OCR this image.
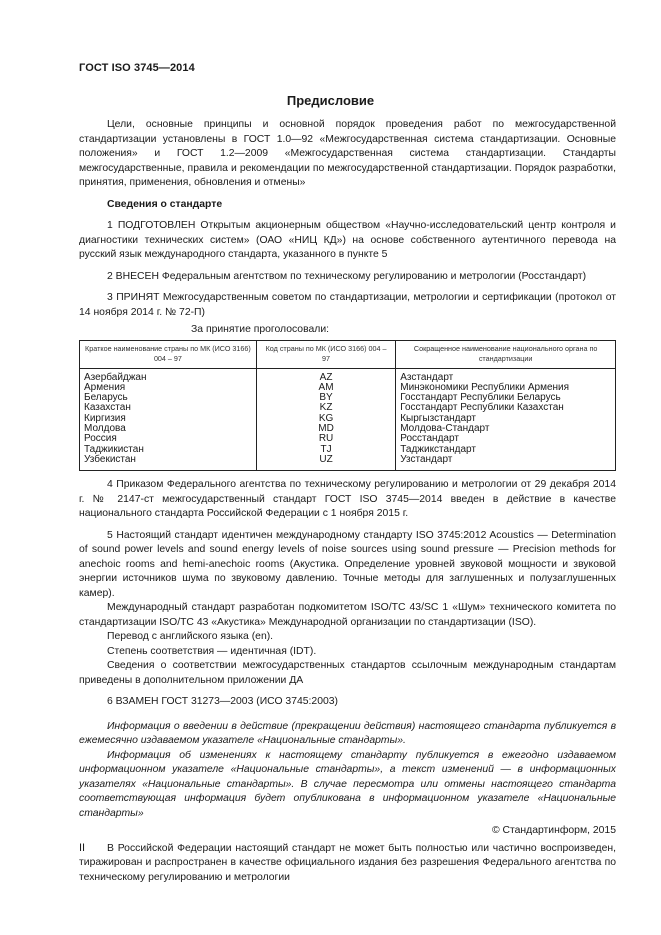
ГОСТ ISO 3745—2014
Предисловие

Цели, основные принципы и основной порядок проведения работ по межгосударственной стандартизации установлены в ГОСТ 1.0—92 «Межгосударственная система стандартизации. Основные положения» и ГОСТ 1.2—2009 «Межгосударственная система стандартизации. Стандарты межгосударственные, правила и рекомендации по межгосударственной стандартизации. Порядок разработки, принятия, применения, обновления и отмены»

Сведения о стандарте

1 ПОДГОТОВЛЕН Открытым акционерным обществом «Научно-исследовательский центр контроля и диагностики технических систем» (ОАО «НИЦ КД») на основе собственного аутентичного перевода на русский язык международного стандарта, указанного в пункте 5

2 ВНЕСЕН Федеральным агентством по техническому регулированию и метрологии (Росстандарт)

3 ПРИНЯТ Межгосударственным советом по стандартизации, метрологии и сертификации (протокол от 14 ноября 2014 г. № 72-П)

За принятие проголосовали:

Краткое наименование страны по МК (ИСО 3166) 004 – 97	Код страны по МК (ИСО 3166) 004 – 97	Сокращенное наименование национального органа по стандартизации
Азербайджан	AZ	Азстандарт
Армения	AM	Минэкономики Республики Армения
Беларусь	BY	Госстандарт Республики Беларусь
Казахстан	KZ	Госстандарт Республики Казахстан
Киргизия	KG	Кыргызстандарт
Молдова	MD	Молдова-Стандарт
Россия	RU	Росстандарт
Таджикистан	TJ	Таджикстандарт
Узбекистан	UZ	Узстандарт

4 Приказом Федерального агентства по техническому регулированию и метрологии от 29 декабря 2014 г. № 2147-ст межгосударственный стандарт ГОСТ ISO 3745—2014 введен в действие в качестве национального стандарта Российской Федерации с 1 ноября 2015 г.

5 Настоящий стандарт идентичен международному стандарту ISO 3745:2012 Acoustics — Determination of sound power levels and sound energy levels of noise sources using sound pressure — Precision methods for anechoic rooms and hemi-anechoic rooms (Акустика. Определение уровней звуковой мощности и звуковой энергии источников шума по звуковому давлению. Точные методы для заглушенных и полузаглушенных камер).

Международный стандарт разработан подкомитетом ISO/TC 43/SC 1 «Шум» технического комитета по стандартизации ISO/TC 43 «Акустика» Международной организации по стандартизации (ISO).

Перевод с английского языка (en).

Степень соответствия — идентичная (IDT).

Сведения о соответствии межгосударственных стандартов ссылочным международным стандартам приведены в дополнительном приложении ДА

6 ВЗАМЕН ГОСТ 31273—2003 (ИСО 3745:2003)

Информация о введении в действие (прекращении действия) настоящего стандарта публикуется в ежемесячно издаваемом указателе «Национальные стандарты».

Информация об изменениях к настоящему стандарту публикуется в ежегодно издаваемом информационном указателе «Национальные стандарты», а текст изменений — в информационных указателях «Национальные стандарты». В случае пересмотра или отмены настоящего стандарта соответствующая информация будет опубликована в информационном указателе «Национальные стандарты»

© Стандартинформ, 2015

В Российской Федерации настоящий стандарт не может быть полностью или частично воспроизведен, тиражирован и распространен в качестве официального издания без разрешения Федерального агентства по техническому регулированию и метрологии

II
